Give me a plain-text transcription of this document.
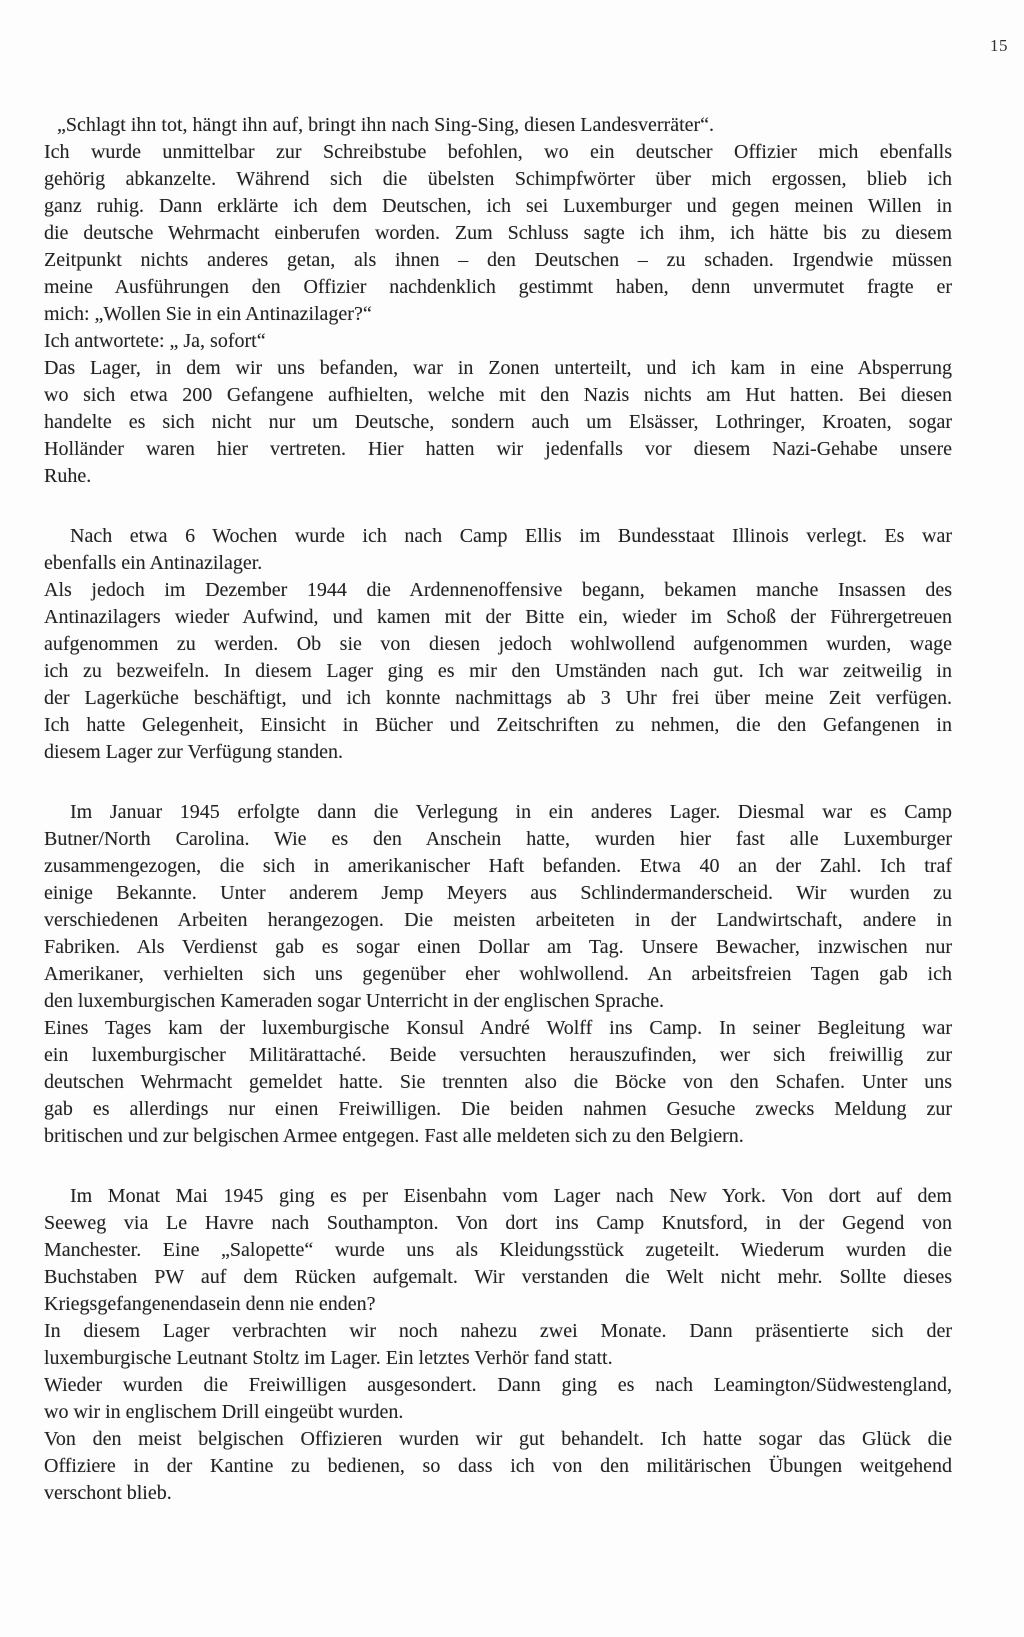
15
„Schlagt ihn tot, hängt ihn auf, bringt ihn nach Sing-Sing, diesen Landesverräter“.
Ich wurde unmittelbar zur Schreibstube befohlen, wo ein deutscher Offizier mich ebenfalls
gehörig abkanzelte. Während sich die übelsten Schimpfwörter über mich ergossen, blieb ich
ganz ruhig. Dann erklärte ich dem Deutschen, ich sei Luxemburger und gegen meinen Willen in
die deutsche Wehrmacht einberufen worden. Zum Schluss sagte ich ihm, ich hätte bis zu diesem
Zeitpunkt nichts anderes getan, als ihnen – den Deutschen – zu schaden. Irgendwie müssen
meine Ausführungen den Offizier nachdenklich gestimmt haben, denn unvermutet fragte er
mich: „Wollen Sie in ein Antinazilager?“
Ich antwortete: „ Ja, sofort“
Das Lager, in dem wir uns befanden, war in Zonen unterteilt, und ich kam in eine Absperrung
wo sich etwa 200 Gefangene aufhielten, welche mit den Nazis nichts am Hut hatten. Bei diesen
handelte es sich nicht nur um Deutsche, sondern auch um Elsässer, Lothringer, Kroaten, sogar
Holländer waren hier vertreten. Hier hatten wir jedenfalls vor diesem Nazi-Gehabe unsere
Ruhe.
Nach etwa 6 Wochen wurde ich nach Camp Ellis im Bundesstaat Illinois verlegt. Es war
ebenfalls ein Antinazilager.
Als jedoch im Dezember 1944 die Ardennenoffensive begann, bekamen manche Insassen des
Antinazilagers wieder Aufwind, und kamen mit der Bitte ein, wieder im Schoß der Führergetreuen
aufgenommen zu werden. Ob sie von diesen jedoch wohlwollend aufgenommen wurden, wage
ich zu bezweifeln. In diesem Lager ging es mir den Umständen nach gut. Ich war zeitweilig in
der Lagerküche beschäftigt, und ich konnte nachmittags ab 3 Uhr frei über meine Zeit verfügen.
Ich hatte Gelegenheit, Einsicht in Bücher und Zeitschriften zu nehmen, die den Gefangenen in
diesem Lager zur Verfügung standen.
Im Januar 1945 erfolgte dann die Verlegung in ein anderes Lager. Diesmal war es Camp
Butner/North Carolina. Wie es den Anschein hatte, wurden hier fast alle Luxemburger
zusammengezogen, die sich in amerikanischer Haft befanden. Etwa 40 an der Zahl. Ich traf
einige Bekannte. Unter anderem Jemp Meyers aus Schlindermanderscheid. Wir wurden zu
verschiedenen Arbeiten herangezogen. Die meisten arbeiteten in der Landwirtschaft, andere in
Fabriken. Als Verdienst gab es sogar einen Dollar am Tag. Unsere Bewacher, inzwischen nur
Amerikaner, verhielten sich uns gegenüber eher wohlwollend. An arbeitsfreien Tagen gab ich
den luxemburgischen Kameraden sogar Unterricht in der englischen Sprache.
Eines Tages kam der luxemburgische Konsul André Wolff ins Camp. In seiner Begleitung war
ein luxemburgischer Militärattaché. Beide versuchten herauszufinden, wer sich freiwillig zur
deutschen Wehrmacht gemeldet hatte. Sie trennten also die Böcke von den Schafen. Unter uns
gab es allerdings nur einen Freiwilligen. Die beiden nahmen Gesuche zwecks Meldung zur
britischen und zur belgischen Armee entgegen. Fast alle meldeten sich zu den Belgiern.
Im Monat Mai 1945 ging es per Eisenbahn vom Lager nach New York. Von dort auf dem
Seeweg via Le Havre nach Southampton. Von dort ins Camp Knutsford, in der Gegend von
Manchester. Eine „Salopette“ wurde uns als Kleidungsstück zugeteilt. Wiederum wurden die
Buchstaben PW auf dem Rücken aufgemalt. Wir verstanden die Welt nicht mehr. Sollte dieses
Kriegsgefangenendasein denn nie enden?
In diesem Lager verbrachten wir noch nahezu zwei Monate. Dann präsentierte sich der
luxemburgische Leutnant Stoltz im Lager. Ein letztes Verhör fand statt.
Wieder wurden die Freiwilligen ausgesondert. Dann ging es nach Leamington/Südwestengland,
wo wir in englischem Drill eingeübt wurden.
Von den meist belgischen Offizieren wurden wir gut behandelt. Ich hatte sogar das Glück die
Offiziere in der Kantine zu bedienen, so dass ich von den militärischen Übungen weitgehend
verschont blieb.
